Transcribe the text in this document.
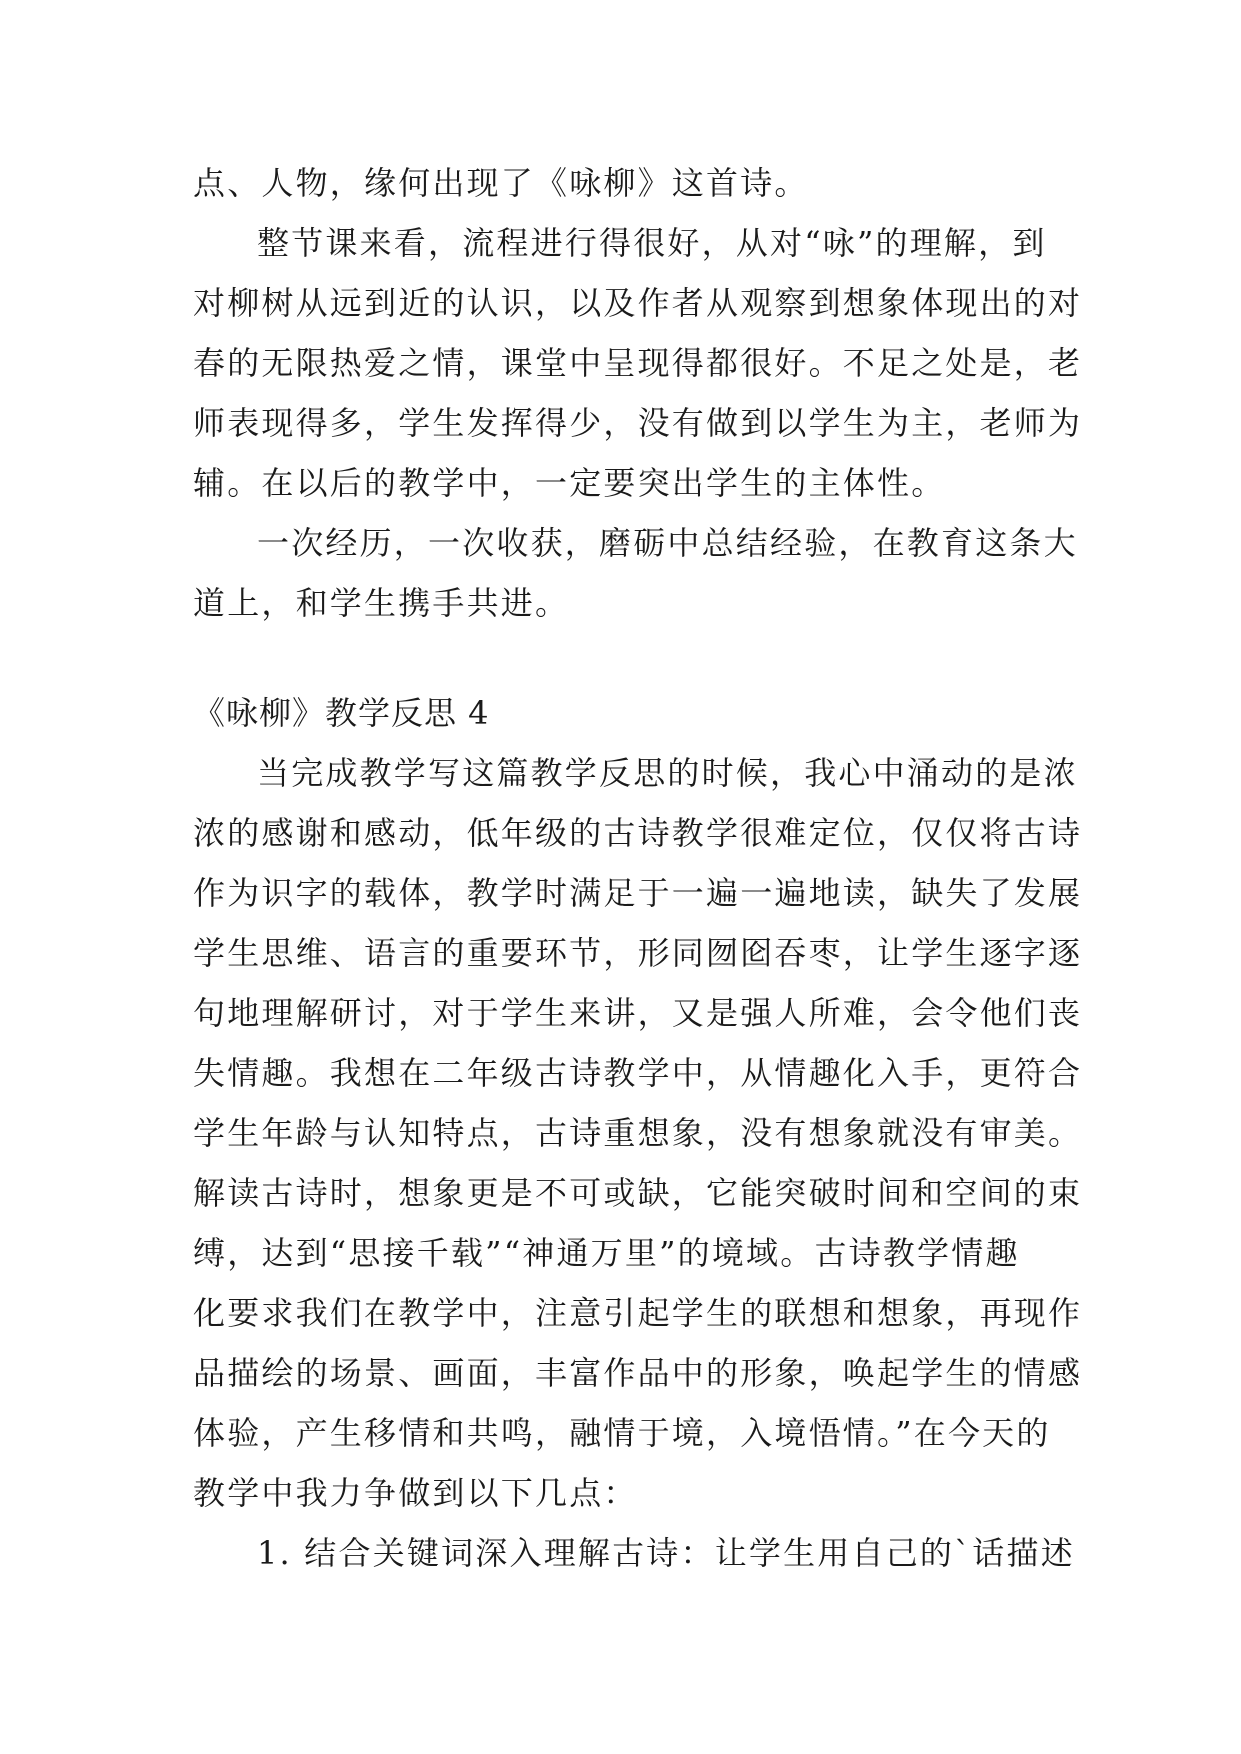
点、人物，缘何出现了《咏柳》这首诗。
整节课来看，流程进行得很好，从对“咏”的理解，到
对柳树从远到近的认识，以及作者从观察到想象体现出的对
春的无限热爱之情，课堂中呈现得都很好。不足之处是，老
师表现得多，学生发挥得少，没有做到以学生为主，老师为
辅。在以后的教学中，一定要突出学生的主体性。
一次经历，一次收获，磨砺中总结经验，在教育这条大
道上，和学生携手共进。
《咏柳》教学反思 4
当完成教学写这篇教学反思的时候，我心中涌动的是浓
浓的感谢和感动，低年级的古诗教学很难定位，仅仅将古诗
作为识字的载体，教学时满足于一遍一遍地读，缺失了发展
学生思维、语言的重要环节，形同囫囵吞枣，让学生逐字逐
句地理解研讨，对于学生来讲，又是强人所难，会令他们丧
失情趣。我想在二年级古诗教学中，从情趣化入手，更符合
学生年龄与认知特点，古诗重想象，没有想象就没有审美。
解读古诗时，想象更是不可或缺，它能突破时间和空间的束
缚，达到“思接千载”“神通万里”的境域。古诗教学情趣
化要求我们在教学中，注意引起学生的联想和想象，再现作
品描绘的场景、画面，丰富作品中的形象，唤起学生的情感
体验，产生移情和共鸣，融情于境，入境悟情。”在今天的
教学中我力争做到以下几点：
1. 结合关键词深入理解古诗：让学生用自己的`话描述
